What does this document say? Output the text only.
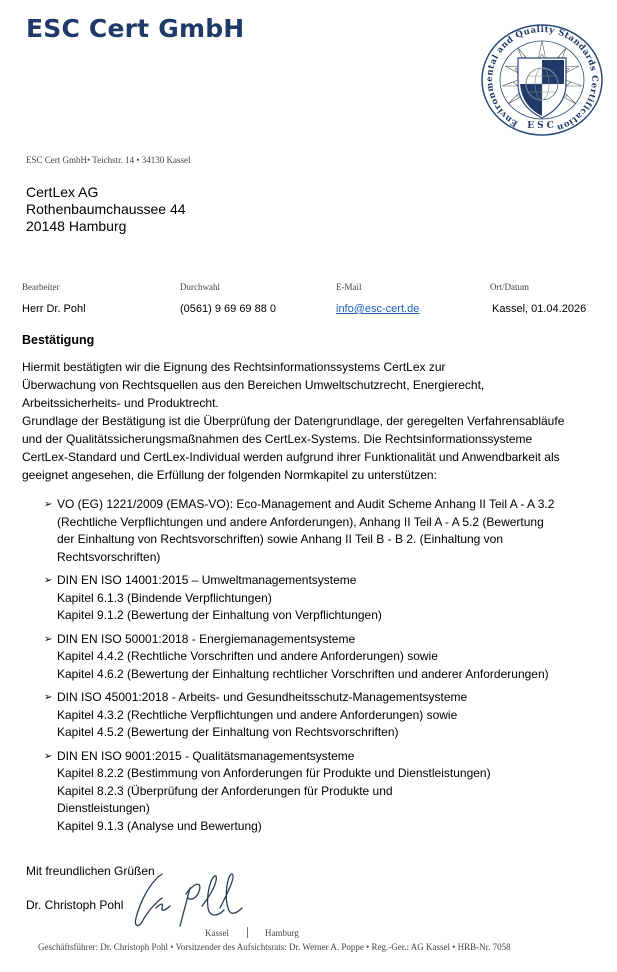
ESC Cert GmbH
Environmental and Quality Standards Certification
ESC
ESC Cert GmbH• Teichstr. 14 • 34130 Kassel
CertLex AG
Rothenbaumchaussee 44
20148 Hamburg
Bearbeiter	Durchwahl	E-Mail	Ort/Datum
Herr Dr. Pohl	(0561) 9 69 69 88 0	info@esc-cert.de	Kassel, 01.04.2026
Bestätigung

Hiermit bestätigten wir die Eignung des Rechtsinformationssystems CertLex zur
Überwachung von Rechtsquellen aus den Bereichen Umweltschutzrecht, Energierecht,
Arbeitssicherheits- und Produktrecht.

Grundlage der Bestätigung ist die Überprüfung der Datengrundlage, der geregelten Verfahrensabläufe
und der Qualitätssicherungsmaßnahmen des CertLex-Systems. Die Rechtsinformationssysteme
CertLex-Standard und CertLex-Individual werden aufgrund ihrer Funktionalität und Anwendbarkeit als
geeignet angesehen, die Erfüllung der folgenden Normkapitel zu unterstützen:

➢ VO (EG) 1221/2009 (EMAS-VO): Eco-Management and Audit Scheme Anhang II Teil A - A 3.2
(Rechtliche Verpflichtungen und andere Anforderungen), Anhang II Teil A - A 5.2 (Bewertung
der Einhaltung von Rechtsvorschriften) sowie Anhang II Teil B - B 2. (Einhaltung von
Rechtsvorschriften)
➢ DIN EN ISO 14001:2015 – Umweltmanagementsysteme
Kapitel 6.1.3 (Bindende Verpflichtungen)
Kapitel 9.1.2 (Bewertung der Einhaltung von Verpflichtungen)
➢ DIN EN ISO 50001:2018 - Energiemanagementsysteme
Kapitel 4.4.2 (Rechtliche Vorschriften und andere Anforderungen) sowie
Kapitel 4.6.2 (Bewertung der Einhaltung rechtlicher Vorschriften und anderer Anforderungen)
➢ DIN ISO 45001:2018 - Arbeits- und Gesundheitsschutz-Managementsysteme
Kapitel 4.3.2 (Rechtliche Verpflichtungen und andere Anforderungen) sowie
Kapitel 4.5.2 (Bewertung der Einhaltung von Rechtsvorschriften)
➢ DIN EN ISO 9001:2015 - Qualitätsmanagementsysteme
Kapitel 8.2.2 (Bestimmung von Anforderungen für Produkte und Dienstleistungen)
Kapitel 8.2.3 (Überprüfung der Anforderungen für Produkte und
Dienstleistungen)
Kapitel 9.1.3 (Analyse und Bewertung)
Mit freundlichen Grüßen
Dr. Christoph Pohl
Kassel	Hamburg
Geschäftsführer: Dr. Christoph Pohl • Vorsitzender des Aufsichtsrats: Dr. Werner A. Poppe • Reg.-Ger.: AG Kassel • HRB-Nr. 7058
